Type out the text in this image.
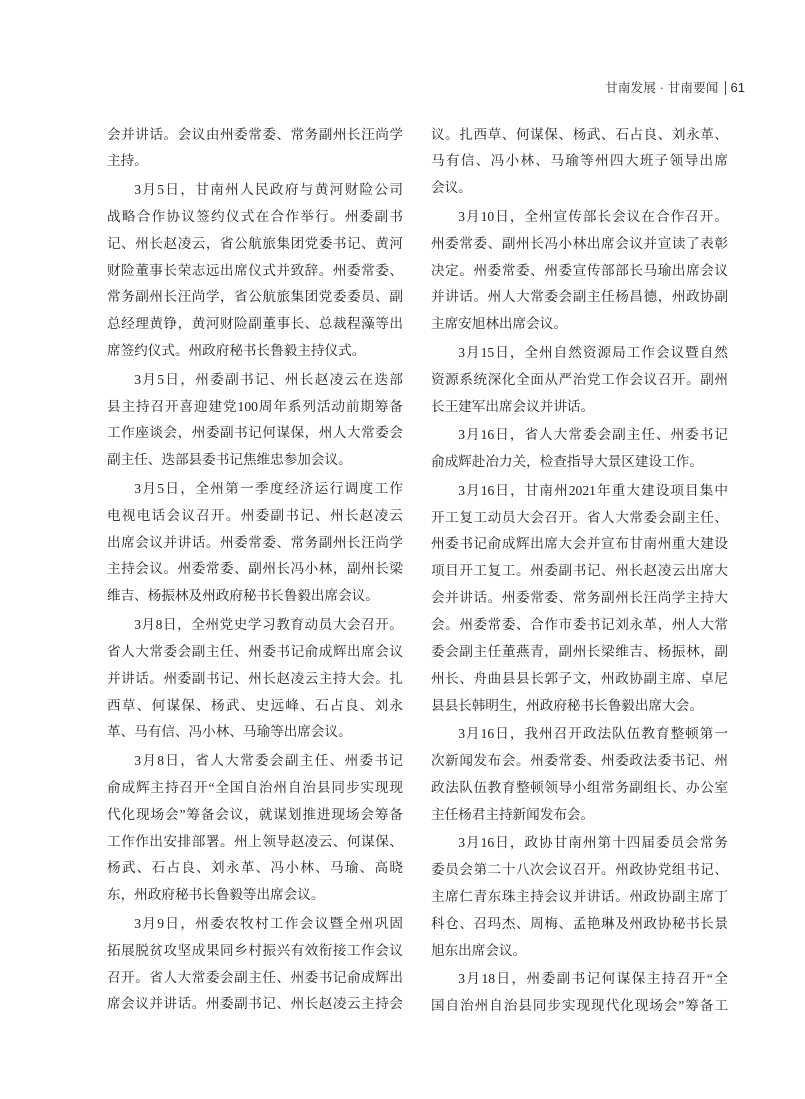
甘南发展 · 甘南要闻 61
会并讲话。会议由州委常委、常务副州长汪尚学
主持。
3月5日，甘南州人民政府与黄河财险公司
战略合作协议签约仪式在合作举行。州委副书
记、州长赵凌云，省公航旅集团党委书记、黄河
财险董事长荣志远出席仪式并致辞。州委常委、
常务副州长汪尚学，省公航旅集团党委委员、副
总经理黄铮，黄河财险副董事长、总裁程藻等出
席签约仪式。州政府秘书长鲁毅主持仪式。
3月5日，州委副书记、州长赵凌云在迭部
县主持召开喜迎建党100周年系列活动前期筹备
工作座谈会，州委副书记何谋保，州人大常委会
副主任、迭部县委书记焦维忠参加会议。
3月5日，全州第一季度经济运行调度工作
电视电话会议召开。州委副书记、州长赵凌云
出席会议并讲话。州委常委、常务副州长汪尚学
主持会议。州委常委、副州长冯小林，副州长梁
维吉、杨振林及州政府秘书长鲁毅出席会议。
3月8日，全州党史学习教育动员大会召开。
省人大常委会副主任、州委书记俞成辉出席会议
并讲话。州委副书记、州长赵凌云主持大会。扎
西草、何谋保、杨武、史远峰、石占良、刘永
革、马有信、冯小林、马瑜等出席会议。
3月8日，省人大常委会副主任、州委书记
俞成辉主持召开“全国自治州自治县同步实现现
代化现场会”筹备会议，就谋划推进现场会筹备
工作作出安排部署。州上领导赵凌云、何谋保、
杨武、石占良、刘永革、冯小林、马瑜、高晓
东，州政府秘书长鲁毅等出席会议。
3月9日，州委农牧村工作会议暨全州巩固
拓展脱贫攻坚成果同乡村振兴有效衔接工作会议
召开。省人大常委会副主任、州委书记俞成辉出
席会议并讲话。州委副书记、州长赵凌云主持会
议。扎西草、何谋保、杨武、石占良、刘永革、
马有信、冯小林、马瑜等州四大班子领导出席
会议。
3月10日，全州宣传部长会议在合作召开。
州委常委、副州长冯小林出席会议并宣读了表彰
决定。州委常委、州委宣传部部长马瑜出席会议
并讲话。州人大常委会副主任杨昌德，州政协副
主席安旭林出席会议。
3月15日，全州自然资源局工作会议暨自然
资源系统深化全面从严治党工作会议召开。副州
长王建军出席会议并讲话。
3月16日，省人大常委会副主任、州委书记
俞成辉赴冶力关，检查指导大景区建设工作。
3月16日，甘南州2021年重大建设项目集中
开工复工动员大会召开。省人大常委会副主任、
州委书记俞成辉出席大会并宣布甘南州重大建设
项目开工复工。州委副书记、州长赵凌云出席大
会并讲话。州委常委、常务副州长汪尚学主持大
会。州委常委、合作市委书记刘永革，州人大常
委会副主任董燕青，副州长梁维吉、杨振林，副
州长、舟曲县县长郭子文，州政协副主席、卓尼
县县长韩明生，州政府秘书长鲁毅出席大会。
3月16日，我州召开政法队伍教育整顿第一
次新闻发布会。州委常委、州委政法委书记、州
政法队伍教育整顿领导小组常务副组长、办公室
主任杨君主持新闻发布会。
3月16日，政协甘南州第十四届委员会常务
委员会第二十八次会议召开。州政协党组书记、
主席仁青东珠主持会议并讲话。州政协副主席丁
科仓、召玛杰、周梅、孟艳琳及州政协秘书长景
旭东出席会议。
3月18日，州委副书记何谋保主持召开“全
国自治州自治县同步实现现代化现场会”筹备工
